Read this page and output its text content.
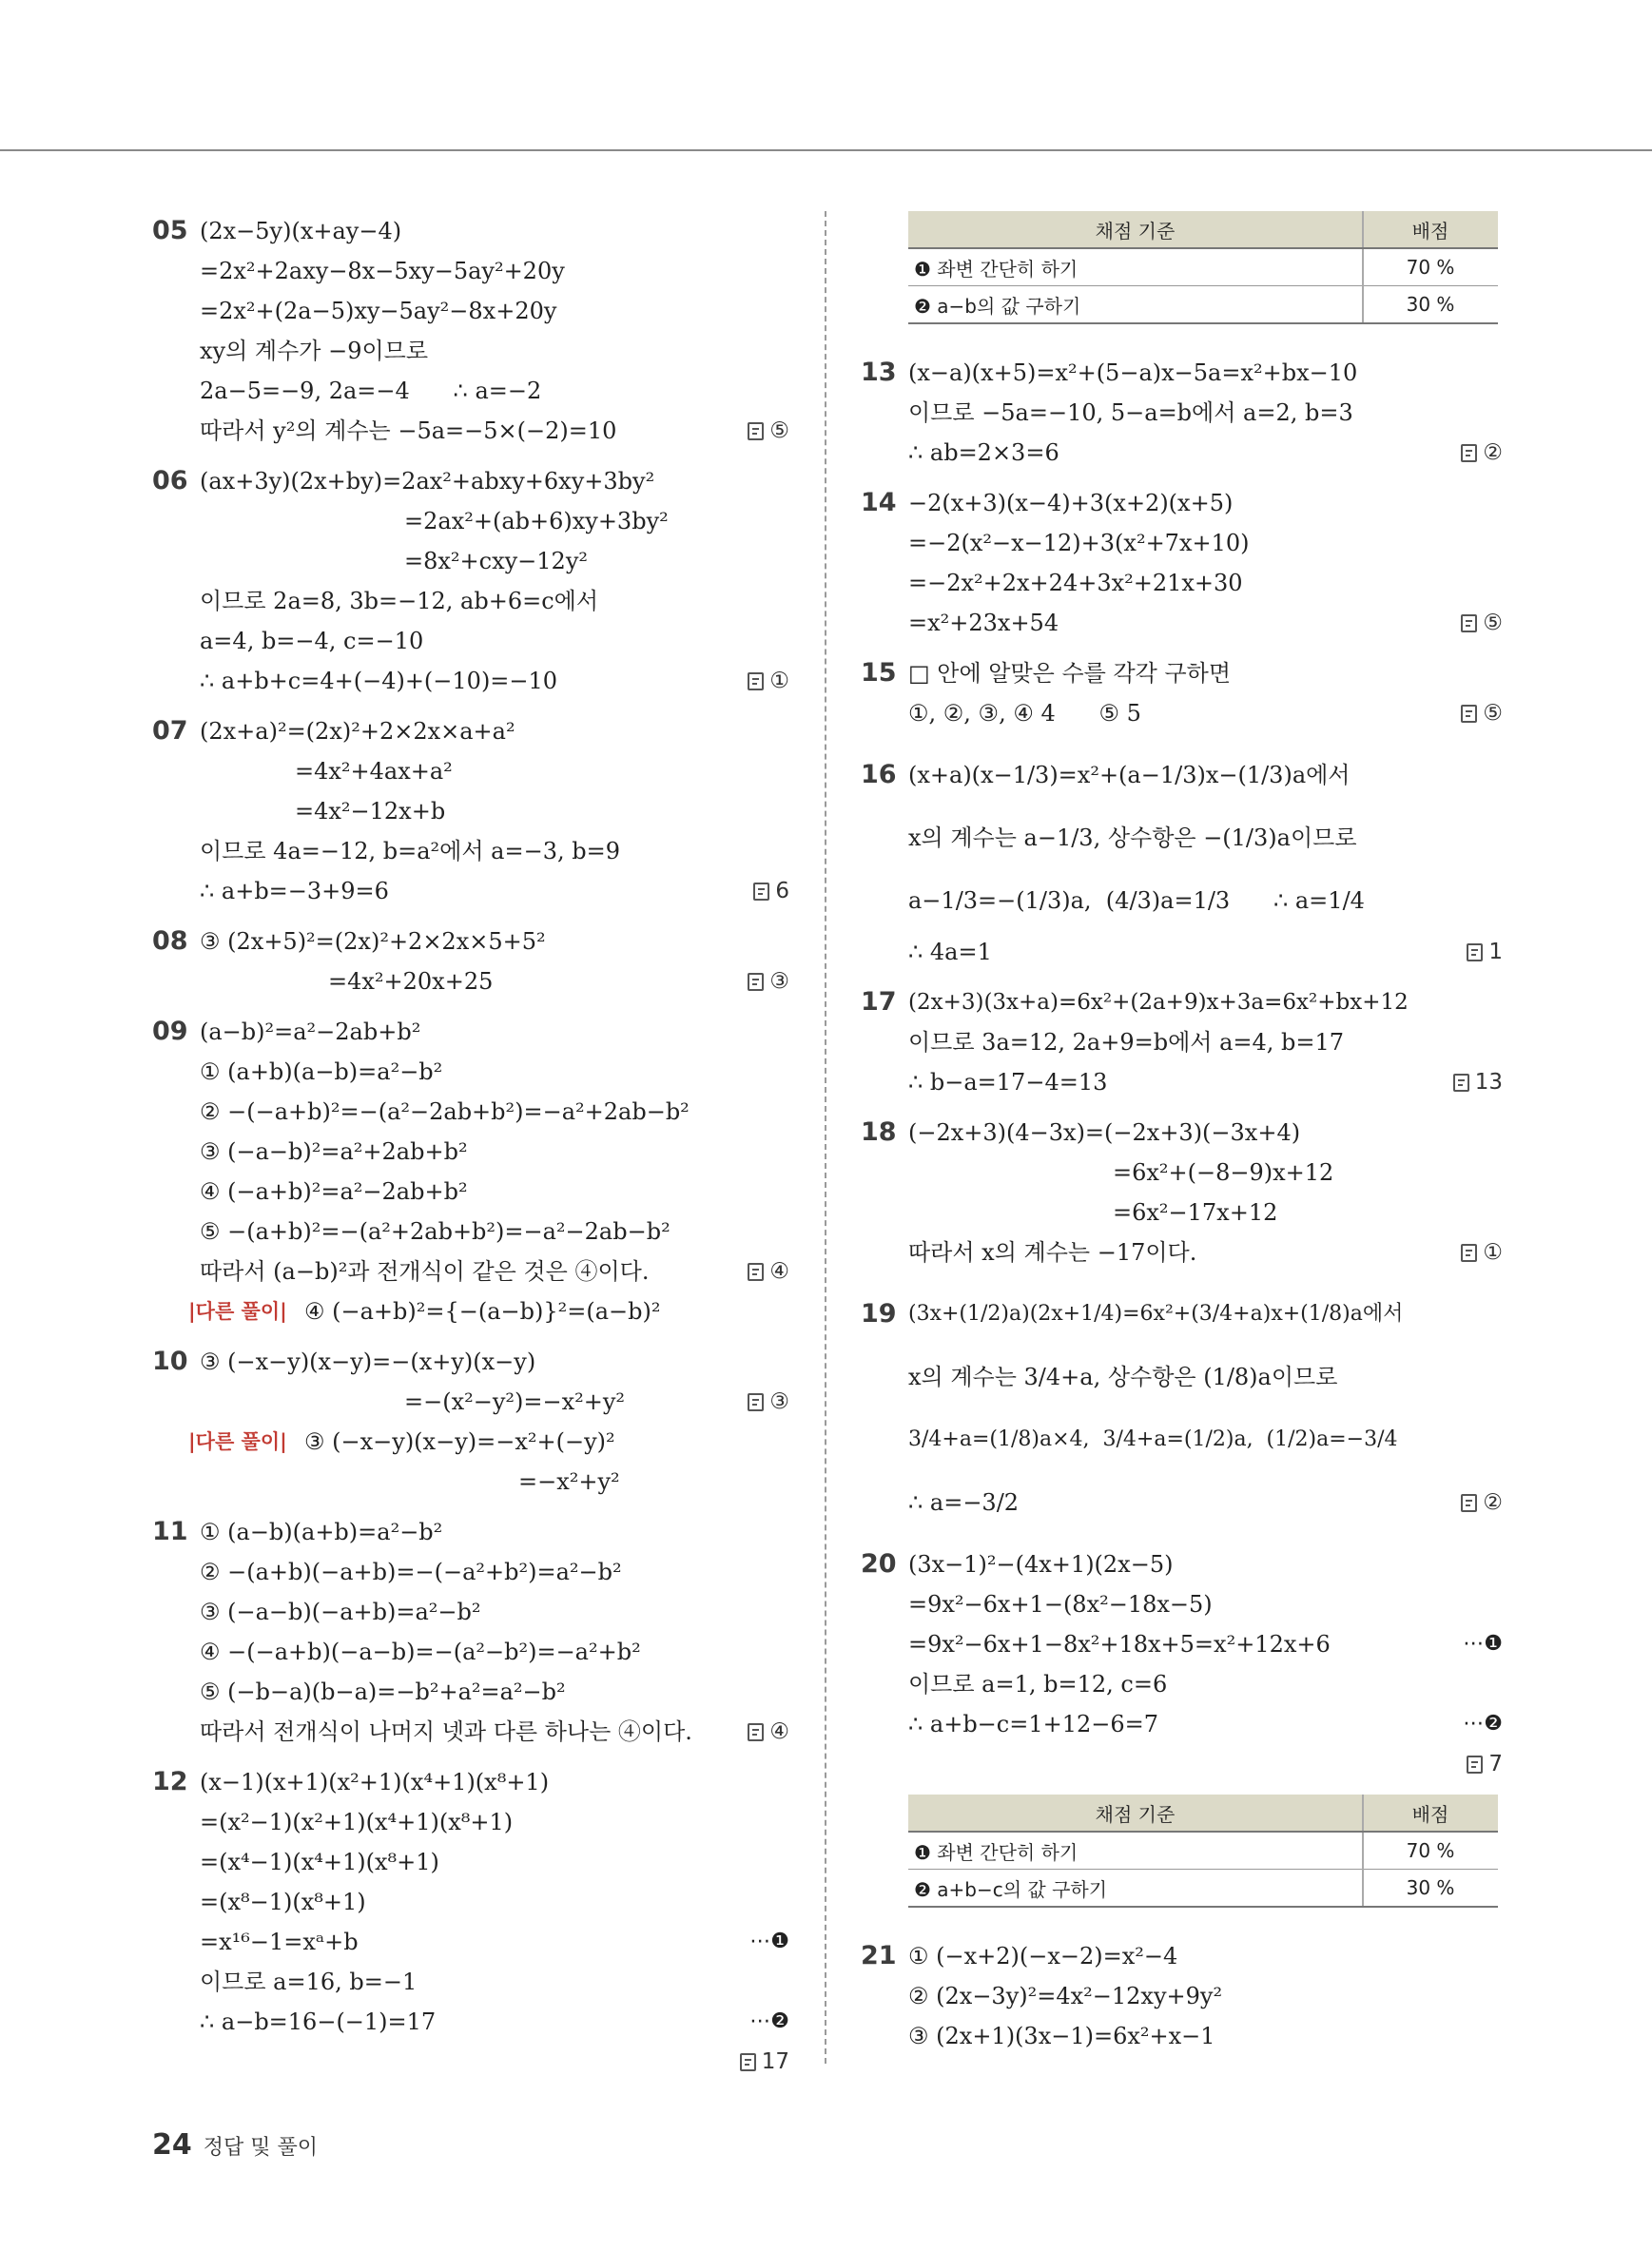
05 (2x−5y)(x+ay−4)
=2x²+2axy−8x−5xy−5ay²+20y
=2x²+(2a−5)xy−5ay²−8x+20y
xy의 계수가 −9이므로
2a−5=−9, 2a=−4      ∴ a=−2
따라서 y²의 계수는 −5a=−5×(−2)=10
	⑤
06 (ax+3y)(2x+by)=2ax²+abxy+6xy+3by²
=2ax²+(ab+6)xy+3by²
=8x²+cxy−12y²
이므로 2a=8, 3b=−12, ab+6=c에서
a=4, b=−4, c=−10
∴ a+b+c=4+(−4)+(−10)=−10
	①
07 (2x+a)²=(2x)²+2×2x×a+a²
=4x²+4ax+a²
=4x²−12x+b
이므로 4a=−12, b=a²에서 a=−3, b=9
∴ a+b=−3+9=6
	6
08 ③ (2x+5)²=(2x)²+2×2x×5+5²
=4x²+20x+25
	③
09 (a−b)²=a²−2ab+b²
① (a+b)(a−b)=a²−b²
② −(−a+b)²=−(a²−2ab+b²)=−a²+2ab−b²
③ (−a−b)²=a²+2ab+b²
④ (−a+b)²=a²−2ab+b²
⑤ −(a+b)²=−(a²+2ab+b²)=−a²−2ab−b²
따라서 (a−b)²과 전개식이 같은 것은 ④이다.
	④

|다른 풀이|

④ (−a+b)²={−(a−b)}²=(a−b)²

10 ③ (−x−y)(x−y)=−(x+y)(x−y)
=−(x²−y²)=−x²+y²
	③

|다른 풀이|

③ (−x−y)(x−y)=−x²+(−y)²

=−x²+y²
11 ① (a−b)(a+b)=a²−b²
② −(a+b)(−a+b)=−(−a²+b²)=a²−b²
③ (−a−b)(−a+b)=a²−b²
④ −(−a+b)(−a−b)=−(a²−b²)=−a²+b²
⑤ (−b−a)(b−a)=−b²+a²=a²−b²
따라서 전개식이 나머지 넷과 다른 하나는 ④이다.
	④
12 (x−1)(x+1)(x²+1)(x⁴+1)(x⁸+1)
=(x²−1)(x²+1)(x⁴+1)(x⁸+1)
=(x⁴−1)(x⁴+1)(x⁸+1)
=(x⁸−1)(x⁸+1)
=x¹⁶−1=xᵃ+b
	⋯❶
이므로 a=16, b=−1
∴ a−b=16−(−1)=17
	⋯❷
17
채점 기준	배점
❶ 좌변 간단히 하기	70 %
❷ a−b의 값 구하기	30 %
13 (x−a)(x+5)=x²+(5−a)x−5a=x²+bx−10
이므로 −5a=−10, 5−a=b에서 a=2, b=3
∴ ab=2×3=6
	②
14 −2(x+3)(x−4)+3(x+2)(x+5)
=−2(x²−x−12)+3(x²+7x+10)
=−2x²+2x+24+3x²+21x+30
=x²+23x+54
	⑤
15 □ 안에 알맞은 수를 각각 구하면
①, ②, ③, ④ 4      ⑤ 5
	⑤
16 (x+a)(x−1/3)=x²+(a−1/3)x−(1/3)a에서
x의 계수는 a−1/3, 상수항은 −(1/3)a이므로
a−1/3=−(1/3)a,  (4/3)a=1/3      ∴ a=1/4
∴ 4a=1
	1
17 (2x+3)(3x+a)=6x²+(2a+9)x+3a=6x²+bx+12
이므로 3a=12, 2a+9=b에서 a=4, b=17
∴ b−a=17−4=13
	13
18 (−2x+3)(4−3x)=(−2x+3)(−3x+4)
=6x²+(−8−9)x+12
=6x²−17x+12
따라서 x의 계수는 −17이다.
	①
19 (3x+(1/2)a)(2x+1/4)=6x²+(3/4+a)x+(1/8)a에서
x의 계수는 3/4+a, 상수항은 (1/8)a이므로
3/4+a=(1/8)a×4,  3/4+a=(1/2)a,  (1/2)a=−3/4
∴ a=−3/2
	②
20 (3x−1)²−(4x+1)(2x−5)
=9x²−6x+1−(8x²−18x−5)
=9x²−6x+1−8x²+18x+5=x²+12x+6
	⋯❶
이므로 a=1, b=12, c=6
∴ a+b−c=1+12−6=7
	⋯❷
7
채점 기준	배점
❶ 좌변 간단히 하기	70 %
❷ a+b−c의 값 구하기	30 %
21 ① (−x+2)(−x−2)=x²−4
② (2x−3y)²=4x²−12xy+9y²
③ (2x+1)(3x−1)=6x²+x−1
24 정답 및 풀이
